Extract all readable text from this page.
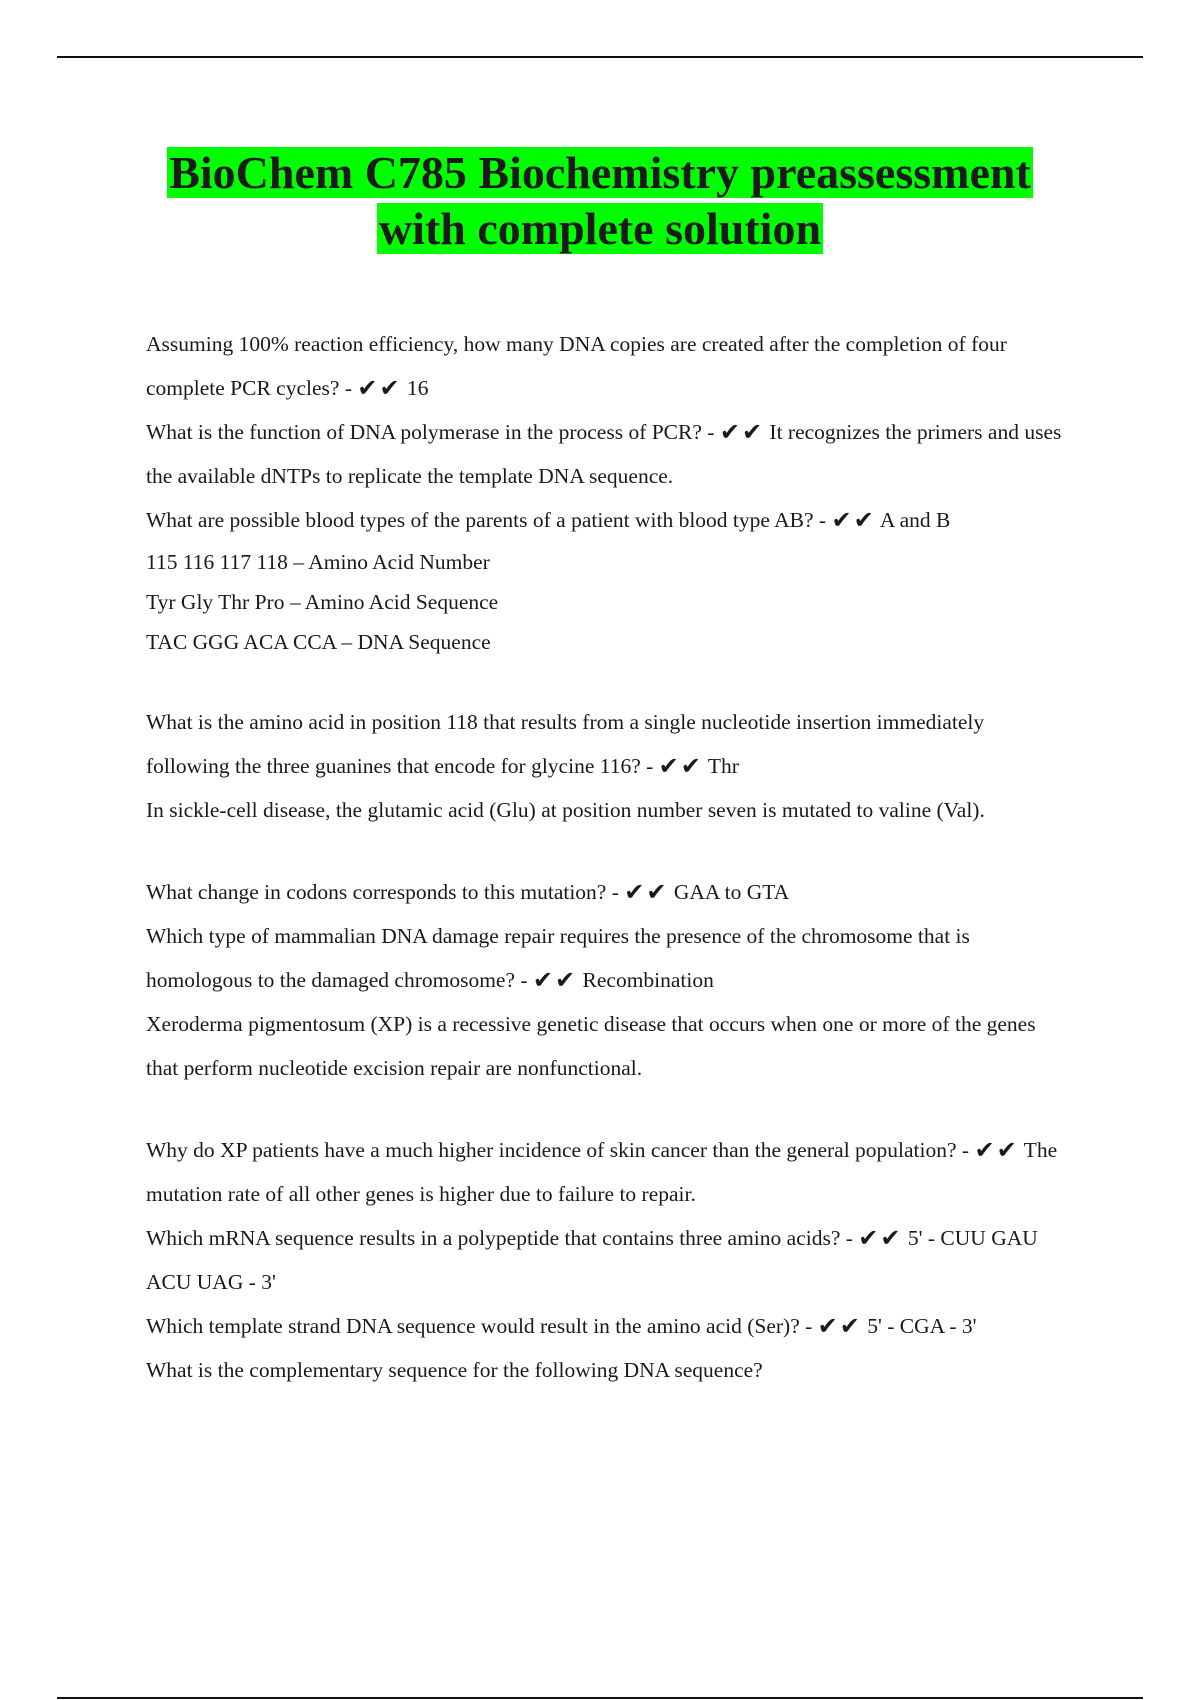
BioChem C785 Biochemistry preassessment
with complete solution

Assuming 100% reaction efficiency, how many DNA copies are created after the completion of four complete PCR cycles? - ✔✔ 16

What is the function of DNA polymerase in the process of PCR? - ✔✔ It recognizes the primers and uses the available dNTPs to replicate the template DNA sequence.

What are possible blood types of the parents of a patient with blood type AB? - ✔✔ A and B

115 116 117 118 – Amino Acid Number

Tyr Gly Thr Pro – Amino Acid Sequence

TAC GGG ACA CCA – DNA Sequence

What is the amino acid in position 118 that results from a single nucleotide insertion immediately following the three guanines that encode for glycine 116? - ✔✔ Thr

In sickle-cell disease, the glutamic acid (Glu) at position number seven is mutated to valine (Val).

What change in codons corresponds to this mutation? - ✔✔ GAA to GTA

Which type of mammalian DNA damage repair requires the presence of the chromosome that is homologous to the damaged chromosome? - ✔✔ Recombination

Xeroderma pigmentosum (XP) is a recessive genetic disease that occurs when one or more of the genes that perform nucleotide excision repair are nonfunctional.

Why do XP patients have a much higher incidence of skin cancer than the general population? - ✔✔ The mutation rate of all other genes is higher due to failure to repair.

Which mRNA sequence results in a polypeptide that contains three amino acids? - ✔✔ 5' - CUU GAU ACU UAG - 3'

Which template strand DNA sequence would result in the amino acid (Ser)? - ✔✔ 5' - CGA - 3'

What is the complementary sequence for the following DNA sequence?
